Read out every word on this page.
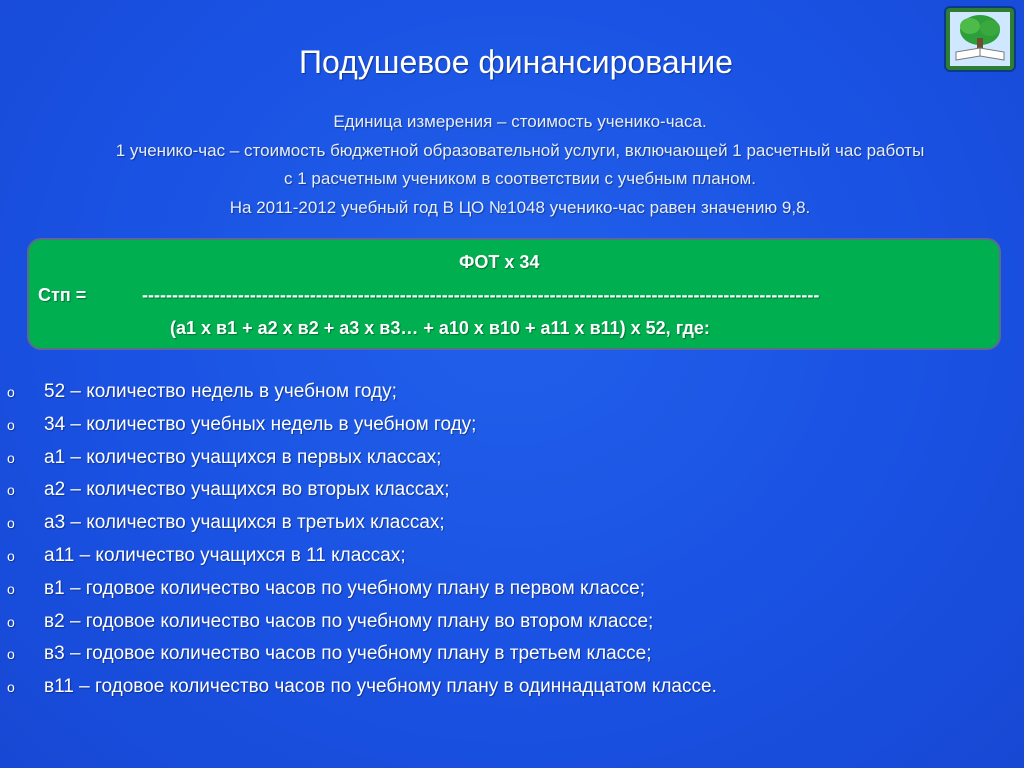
Подушевое финансирование
Единица измерения – стоимость ученико-часа.
1 ученико-час – стоимость бюджетной образовательной услуги, включающей 1 расчетный час работы
с 1 расчетным учеником в соответствии с учебным планом.
На 2011-2012 учебный год В ЦО №1048 ученико-час равен значению 9,8.
ФОТ х 34
Стп =	-----------------------------------------------------------------------------------------------------------------
(а1 х в1 + а2 х в2 + а3 х в3… + а10 х в10 + а11 х в11) х 52, где:
o 52 – количество недель в учебном году;
o 34 – количество учебных недель в учебном году;
o а1 – количество учащихся в первых классах;
o а2 – количество учащихся во вторых классах;
o а3 – количество учащихся в третьих классах;
o а11 – количество учащихся в 11 классах;
o в1 – годовое количество часов по учебному плану в первом классе;
o в2 – годовое количество часов по учебному плану во втором классе;
o в3 – годовое количество часов по учебному плану в третьем классе;
o в11 – годовое количество часов по учебному плану в одиннадцатом классе.
